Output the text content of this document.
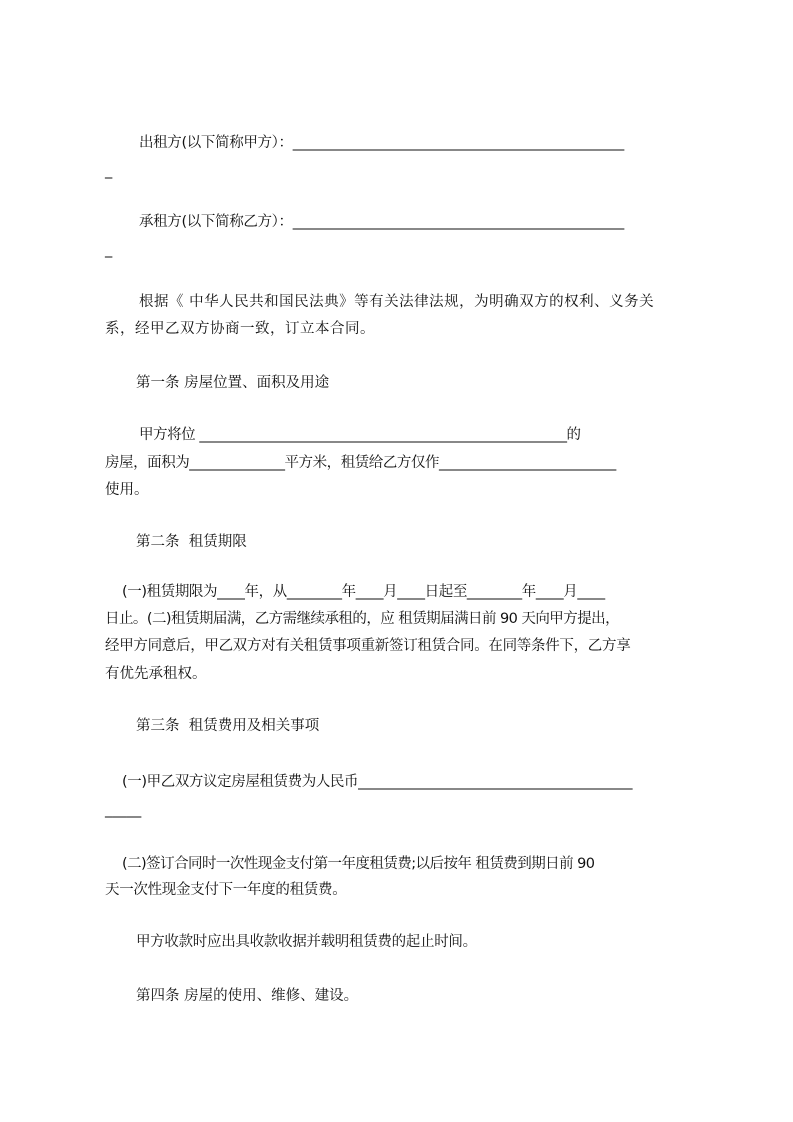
出租方(以下简称甲方）：________________________________________________
_
承租方(以下简称乙方）：________________________________________________
_
根据《 中华人民共和国民法典》等有关法律法规，为明确双方的权利、义务关
系，经甲乙双方协商一致，订立本合同。
第一条 房屋位置、面积及用途
甲方将位 ______________________________________________________的
房屋，面积为______________平方米，租赁给乙方仅作__________________________
使用。
第二条  租赁期限
(一)租赁期限为____年，从________年____月____日起至________年____月____
日止。(二)租赁期届满，乙方需继续承租的，应 租赁期届满日前 90 天向甲方提出，
经甲方同意后，甲乙双方对有关租赁事项重新签订租赁合同。在同等条件下，乙方享
有优先承租权。
第三条  租赁费用及相关事项
(一)甲乙双方议定房屋租赁费为人民币________________________________________
_____
(二)签订合同时一次性现金支付第一年度租赁费;以后按年 租赁费到期日前 90
天一次性现金支付下一年度的租赁费。
甲方收款时应出具收款收据并载明租赁费的起止时间。
第四条 房屋的使用、维修、建设。
